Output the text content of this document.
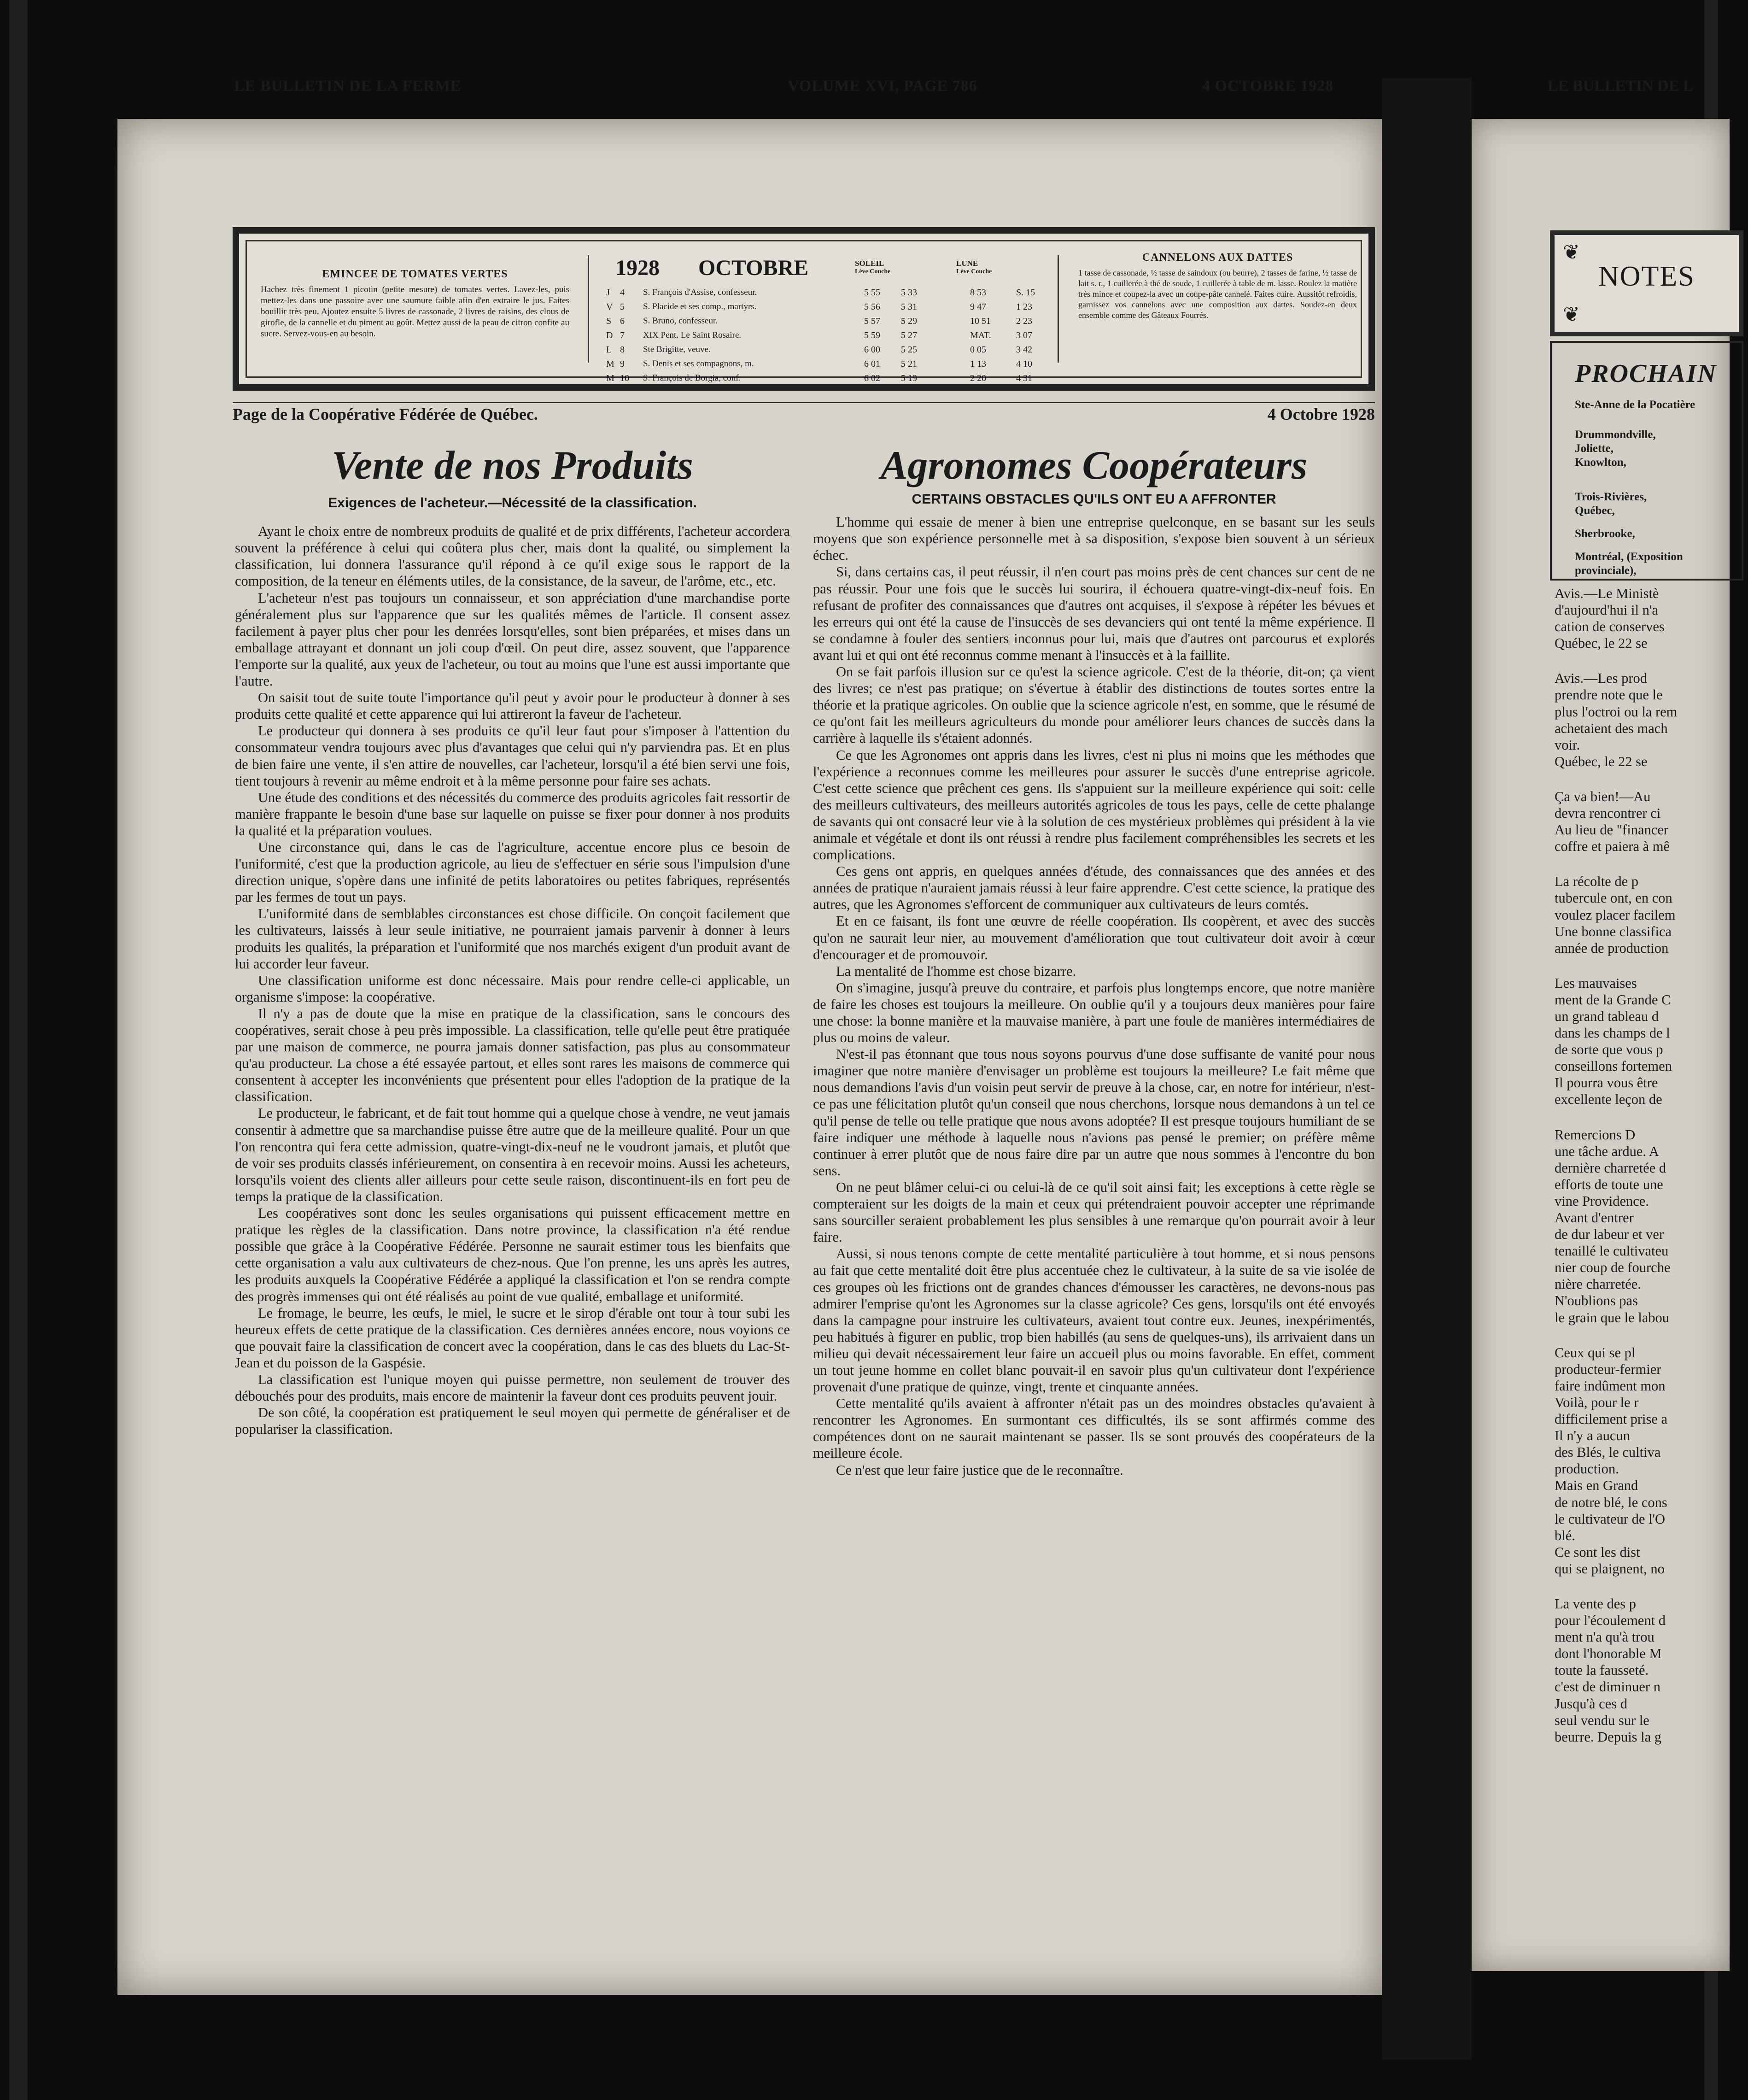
LE BULLETIN DE LA FERME	VOLUME XVI, PAGE 786	4 OCTOBRE 1928
EMINCEE DE TOMATES VERTES
Hachez très finement 1 picotin (petite mesure) de tomates vertes. Lavez-les, puis mettez-les dans une passoire avec une saumure faible afin d'en extraire le jus. Faites bouillir très peu. Ajoutez ensuite 5 livres de cassonade, 2 livres de raisins, des clous de girofle, de la cannelle et du piment au goût. Mettez aussi de la peau de citron confite au sucre. Servez-vous-en au besoin.
1928 OCTOBRE	SOLEIL
Lève Couche
LUNE
Lève Couche
J 4 S. François d'Assise, confesseur.	5 55 5 33	8 53	S. 15
V 5 S. Placide et ses comp., martyrs.	5 56 5 31	9 47	1 23
S 6 S. Bruno, confesseur.	5 57 5 29	10 51	2 23
D 7 XIX Pent. Le Saint Rosaire.	5 59 5 27	MAT.	3 07
L 8 Ste Brigitte, veuve.	6 00 5 25	0 05	3 42
M 9 S. Denis et ses compagnons, m.	6 01 5 21	1 13	4 10
M 10 S. François de Borgia, conf.	6 02 5 19	2 20	4 31
CANNELONS AUX DATTES
1 tasse de cassonade, ½ tasse de saindoux (ou beurre), 2 tasses de farine, ½ tasse de lait s. r., 1 cuillerée à thé de soude, 1 cuillerée à table de m. lasse. Roulez la matière très mince et coupez-la avec un coupe-pâte cannelé. Faites cuire. Aussitôt refroidis, garnissez vos cannelons avec une composition aux dattes. Soudez-en deux ensemble comme des Gâteaux Fourrés.
Page de la Coopérative Fédérée de Québec.	4 Octobre 1928
Vente de nos Produits
Exigences de l'acheteur.—Nécessité de la classification.

Ayant le choix entre de nombreux produits de qualité et de prix différents, l'acheteur accordera souvent la préférence à celui qui coûtera plus cher, mais dont la qualité, ou simplement la classification, lui donnera l'assurance qu'il répond à ce qu'il exige sous le rapport de la composition, de la teneur en éléments utiles, de la consistance, de la saveur, de l'arôme, etc., etc.

L'acheteur n'est pas toujours un connaisseur, et son appréciation d'une marchandise porte généralement plus sur l'apparence que sur les qualités mêmes de l'article. Il consent assez facilement à payer plus cher pour les denrées lorsqu'elles, sont bien préparées, et mises dans un emballage attrayant et donnant un joli coup d'œil. On peut dire, assez souvent, que l'apparence l'emporte sur la qualité, aux yeux de l'acheteur, ou tout au moins que l'une est aussi importante que l'autre.

On saisit tout de suite toute l'importance qu'il peut y avoir pour le producteur à donner à ses produits cette qualité et cette apparence qui lui attireront la faveur de l'acheteur.

Le producteur qui donnera à ses produits ce qu'il leur faut pour s'imposer à l'attention du consommateur vendra toujours avec plus d'avantages que celui qui n'y parviendra pas. Et en plus de bien faire une vente, il s'en attire de nouvelles, car l'acheteur, lorsqu'il a été bien servi une fois, tient toujours à revenir au même endroit et à la même personne pour faire ses achats.

Une étude des conditions et des nécessités du commerce des produits agricoles fait ressortir de manière frappante le besoin d'une base sur laquelle on puisse se fixer pour donner à nos produits la qualité et la préparation voulues.

Une circonstance qui, dans le cas de l'agriculture, accentue encore plus ce besoin de l'uniformité, c'est que la production agricole, au lieu de s'effectuer en série sous l'impulsion d'une direction unique, s'opère dans une infinité de petits laboratoires ou petites fabriques, représentés par les fermes de tout un pays.

L'uniformité dans de semblables circonstances est chose difficile. On conçoit facilement que les cultivateurs, laissés à leur seule initiative, ne pourraient jamais parvenir à donner à leurs produits les qualités, la préparation et l'uniformité que nos marchés exigent d'un produit avant de lui accorder leur faveur.

Une classification uniforme est donc nécessaire. Mais pour rendre celle-ci applicable, un organisme s'impose: la coopérative.

Il n'y a pas de doute que la mise en pratique de la classification, sans le concours des coopératives, serait chose à peu près impossible. La classification, telle qu'elle peut être pratiquée par une maison de commerce, ne pourra jamais donner satisfaction, pas plus au consommateur qu'au producteur. La chose a été essayée partout, et elles sont rares les maisons de commerce qui consentent à accepter les inconvénients que présentent pour elles l'adoption de la pratique de la classification.

Le producteur, le fabricant, et de fait tout homme qui a quelque chose à vendre, ne veut jamais consentir à admettre que sa marchandise puisse être autre que de la meilleure qualité. Pour un que l'on rencontra qui fera cette admission, quatre-vingt-dix-neuf ne le voudront jamais, et plutôt que de voir ses produits classés inférieurement, on consentira à en recevoir moins. Aussi les acheteurs, lorsqu'ils voient des clients aller ailleurs pour cette seule raison, discontinuent-ils en fort peu de temps la pratique de la classification.

Les coopératives sont donc les seules organisations qui puissent efficacement mettre en pratique les règles de la classification. Dans notre province, la classification n'a été rendue possible que grâce à la Coopérative Fédérée. Personne ne saurait estimer tous les bienfaits que cette organisation a valu aux cultivateurs de chez-nous. Que l'on prenne, les uns après les autres, les produits auxquels la Coopérative Fédérée a appliqué la classification et l'on se rendra compte des progrès immenses qui ont été réalisés au point de vue qualité, emballage et uniformité.

Le fromage, le beurre, les œufs, le miel, le sucre et le sirop d'érable ont tour à tour subi les heureux effets de cette pratique de la classification. Ces dernières années encore, nous voyions ce que pouvait faire la classification de concert avec la coopération, dans le cas des bluets du Lac-St-Jean et du poisson de la Gaspésie.

La classification est l'unique moyen qui puisse permettre, non seulement de trouver des débouchés pour des produits, mais encore de maintenir la faveur dont ces produits peuvent jouir.

De son côté, la coopération est pratiquement le seul moyen qui permette de généraliser et de populariser la classification.

Agronomes Coopérateurs
CERTAINS OBSTACLES QU'ILS ONT EU A AFFRONTER

L'homme qui essaie de mener à bien une entreprise quelconque, en se basant sur les seuls moyens que son expérience personnelle met à sa disposition, s'expose bien souvent à un sérieux échec.

Si, dans certains cas, il peut réussir, il n'en court pas moins près de cent chances sur cent de ne pas réussir. Pour une fois que le succès lui sourira, il échouera quatre-vingt-dix-neuf fois. En refusant de profiter des connaissances que d'autres ont acquises, il s'expose à répéter les bévues et les erreurs qui ont été la cause de l'insuccès de ses devanciers qui ont tenté la même expérience. Il se condamne à fouler des sentiers inconnus pour lui, mais que d'autres ont parcourus et explorés avant lui et qui ont été reconnus comme menant à l'insuccès et à la faillite.

On se fait parfois illusion sur ce qu'est la science agricole. C'est de la théorie, dit-on; ça vient des livres; ce n'est pas pratique; on s'évertue à établir des distinctions de toutes sortes entre la théorie et la pratique agricoles. On oublie que la science agricole n'est, en somme, que le résumé de ce qu'ont fait les meilleurs agriculteurs du monde pour améliorer leurs chances de succès dans la carrière à laquelle ils s'étaient adonnés.

Ce que les Agronomes ont appris dans les livres, c'est ni plus ni moins que les méthodes que l'expérience a reconnues comme les meilleures pour assurer le succès d'une entreprise agricole. C'est cette science que prêchent ces gens. Ils s'appuient sur la meilleure expérience qui soit: celle des meilleurs cultivateurs, des meilleurs autorités agricoles de tous les pays, celle de cette phalange de savants qui ont consacré leur vie à la solution de ces mystérieux problèmes qui président à la vie animale et végétale et dont ils ont réussi à rendre plus facilement compréhensibles les secrets et les complications.

Ces gens ont appris, en quelques années d'étude, des connaissances que des années et des années de pratique n'auraient jamais réussi à leur faire apprendre. C'est cette science, la pratique des autres, que les Agronomes s'efforcent de communiquer aux cultivateurs de leurs comtés.

Et en ce faisant, ils font une œuvre de réelle coopération. Ils coopèrent, et avec des succès qu'on ne saurait leur nier, au mouvement d'amélioration que tout cultivateur doit avoir à cœur d'encourager et de promouvoir.

La mentalité de l'homme est chose bizarre.

On s'imagine, jusqu'à preuve du contraire, et parfois plus longtemps encore, que notre manière de faire les choses est toujours la meilleure. On oublie qu'il y a toujours deux manières pour faire une chose: la bonne manière et la mauvaise manière, à part une foule de manières intermédiaires de plus ou moins de valeur.

N'est-il pas étonnant que tous nous soyons pourvus d'une dose suffisante de vanité pour nous imaginer que notre manière d'envisager un problème est toujours la meilleure? Le fait même que nous demandions l'avis d'un voisin peut servir de preuve à la chose, car, en notre for intérieur, n'est-ce pas une félicitation plutôt qu'un conseil que nous cherchons, lorsque nous demandons à un tel ce qu'il pense de telle ou telle pratique que nous avons adoptée? Il est presque toujours humiliant de se faire indiquer une méthode à laquelle nous n'avions pas pensé le premier; on préfère même continuer à errer plutôt que de nous faire dire par un autre que nous sommes à l'encontre du bon sens.

On ne peut blâmer celui-ci ou celui-là de ce qu'il soit ainsi fait; les exceptions à cette règle se compteraient sur les doigts de la main et ceux qui prétendraient pouvoir accepter une réprimande sans sourciller seraient probablement les plus sensibles à une remarque qu'on pourrait avoir à leur faire.

Aussi, si nous tenons compte de cette mentalité particulière à tout homme, et si nous pensons au fait que cette mentalité doit être plus accentuée chez le cultivateur, à la suite de sa vie isolée de ces groupes où les frictions ont de grandes chances d'émousser les caractères, ne devons-nous pas admirer l'emprise qu'ont les Agronomes sur la classe agricole? Ces gens, lorsqu'ils ont été envoyés dans la campagne pour instruire les cultivateurs, avaient tout contre eux. Jeunes, inexpérimentés, peu habitués à figurer en public, trop bien habillés (au sens de quelques-uns), ils arrivaient dans un milieu qui devait nécessairement leur faire un accueil plus ou moins favorable. En effet, comment un tout jeune homme en collet blanc pouvait-il en savoir plus qu'un cultivateur dont l'expérience provenait d'une pratique de quinze, vingt, trente et cinquante années.

Cette mentalité qu'ils avaient à affronter n'était pas un des moindres obstacles qu'avaient à rencontrer les Agronomes. En surmontant ces difficultés, ils se sont affirmés comme des compétences dont on ne saurait maintenant se passer. Ils se sont prouvés des coopérateurs de la meilleure école.

Ce n'est que leur faire justice que de le reconnaître.

LE BULLETIN DE L
❦
❦
NOTES
PROCHAIN
Ste-Anne de la Pocatière
Drummondville, Joliette, Knowlton,
Trois-Rivières, Québec,
Sherbrooke,
Montréal, (Exposition provinciale),
Avis.—Le Ministè
d'aujourd'hui il n'a
cation de conserves
Québec, le 22 se
Avis.—Les prod
prendre note que le
plus l'octroi ou la rem
achetaient des mach
voir.
Québec, le 22 se
Ça va bien!—Au
devra rencontrer ci
Au lieu de "financer
coffre et paiera à mê
La récolte de p
tubercule ont, en con
voulez placer facilem
Une bonne classifica
année de production
Les mauvaises
ment de la Grande C
un grand tableau d
dans les champs de l
de sorte que vous p
conseillons fortemen
Il pourra vous être
excellente leçon de
Remercions D
une tâche ardue. A
dernière charretée d
efforts de toute une
vine Providence.
Avant d'entrer
de dur labeur et ver
tenaillé le cultivateu
nier coup de fourche
nière charretée.
N'oublions pas
le grain que le labou
Ceux qui se pl
producteur-fermier
faire indûment mon
Voilà, pour le r
difficilement prise a
Il n'y a aucun
des Blés, le cultiva
production.
Mais en Grand
de notre blé, le cons
le cultivateur de l'O
blé.
Ce sont les dist
qui se plaignent, no
La vente des p
pour l'écoulement d
ment n'a qu'à trou
dont l'honorable M
toute la fausseté.
c'est de diminuer n
Jusqu'à ces d
seul vendu sur le
beurre. Depuis la g
